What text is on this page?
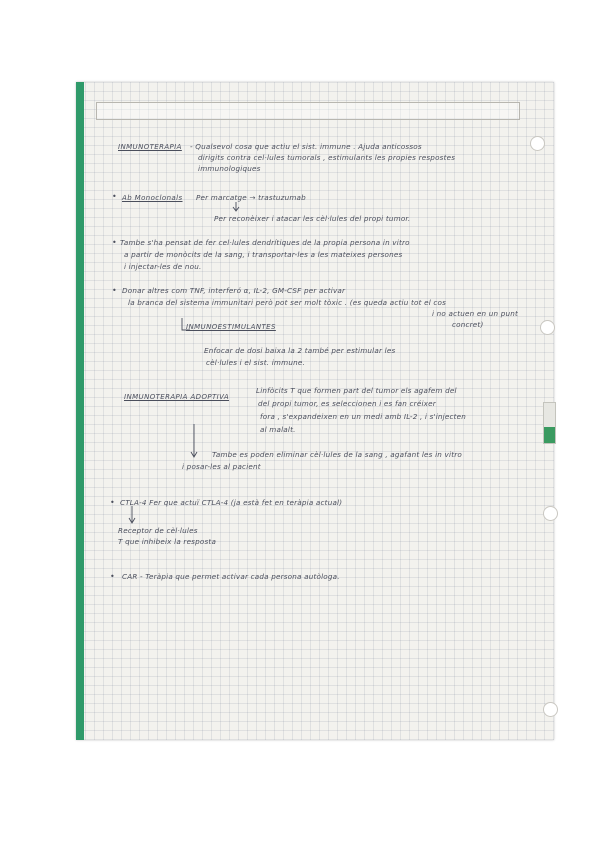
INMUNOTERAPIA - Qualsevol cosa que actiu el sist. immune . Ajuda anticossos
dirigits contra cel·lules tumorals , estimulants les propies respostes
immunologiques
• Ab Monoclonals Per marcatge → trastuzumab
Per reconèixer i atacar les cèl·lules del propi tumor.
• Tambe s'ha pensat de fer cel·lules dendrítiques de la propia persona in vitro
a partir de monòcits de la sang, i transportar-les a les mateixes persones
i injectar-les de nou.
• Donar altres com TNF, interferó α, IL-2, GM-CSF per activar
la branca del sistema immunitari però pot ser molt tòxic . (es queda actiu tot el cos
i no actuen en un punt
concret)
INMUNOESTIMULANTES
Enfocar de dosi baixa la 2 també per estimular les
cèl·lules i el sist. immune.
INMUNOTERAPIA ADOPTIVA
Linfòcits T que formen part del tumor els agafem del
del propi tumor, es seleccionen i es fan créixer
fora , s'expandeixen en un medi amb IL-2 , i s'injecten
al malalt.
Tambe es poden eliminar cèl·lules de la sang , agafant les in vitro
i posar-les al pacient
• CTLA-4 Fer que actuï CTLA-4 (ja està fet en teràpia actual)
Receptor de cèl·lules
T que inhibeix la resposta
• CAR - Teràpia que permet activar cada persona autòloga.
